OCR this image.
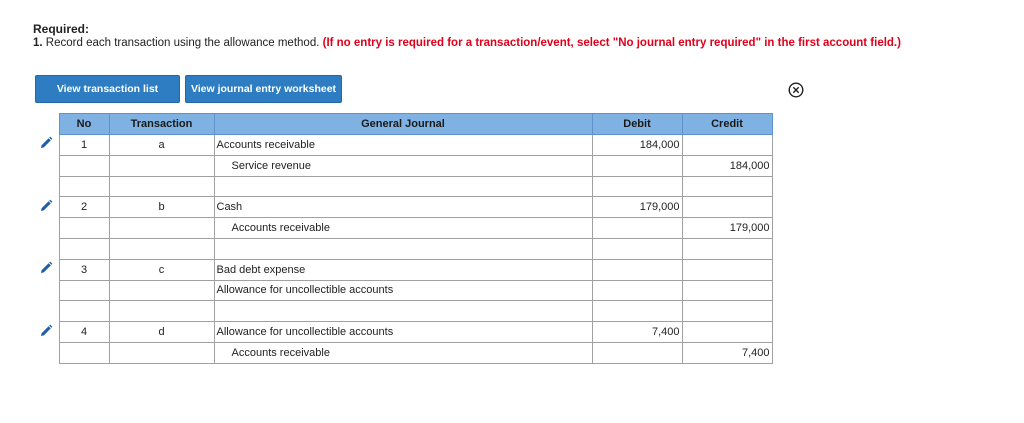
Required:
1. Record each transaction using the allowance method. (If no entry is required for a transaction/event, select "No journal entry required" in the first account field.)
View transaction list	View journal entry worksheet
	No	Transaction	General Journal	Debit	Credit
	1	a	Accounts receivable	184,000	
			Service revenue		184,000

	2	b	Cash	179,000	
			Accounts receivable		179,000

	3	c	Bad debt expense		
			Allowance for uncollectible accounts		

	4	d	Allowance for uncollectible accounts	7,400	
			Accounts receivable		7,400
